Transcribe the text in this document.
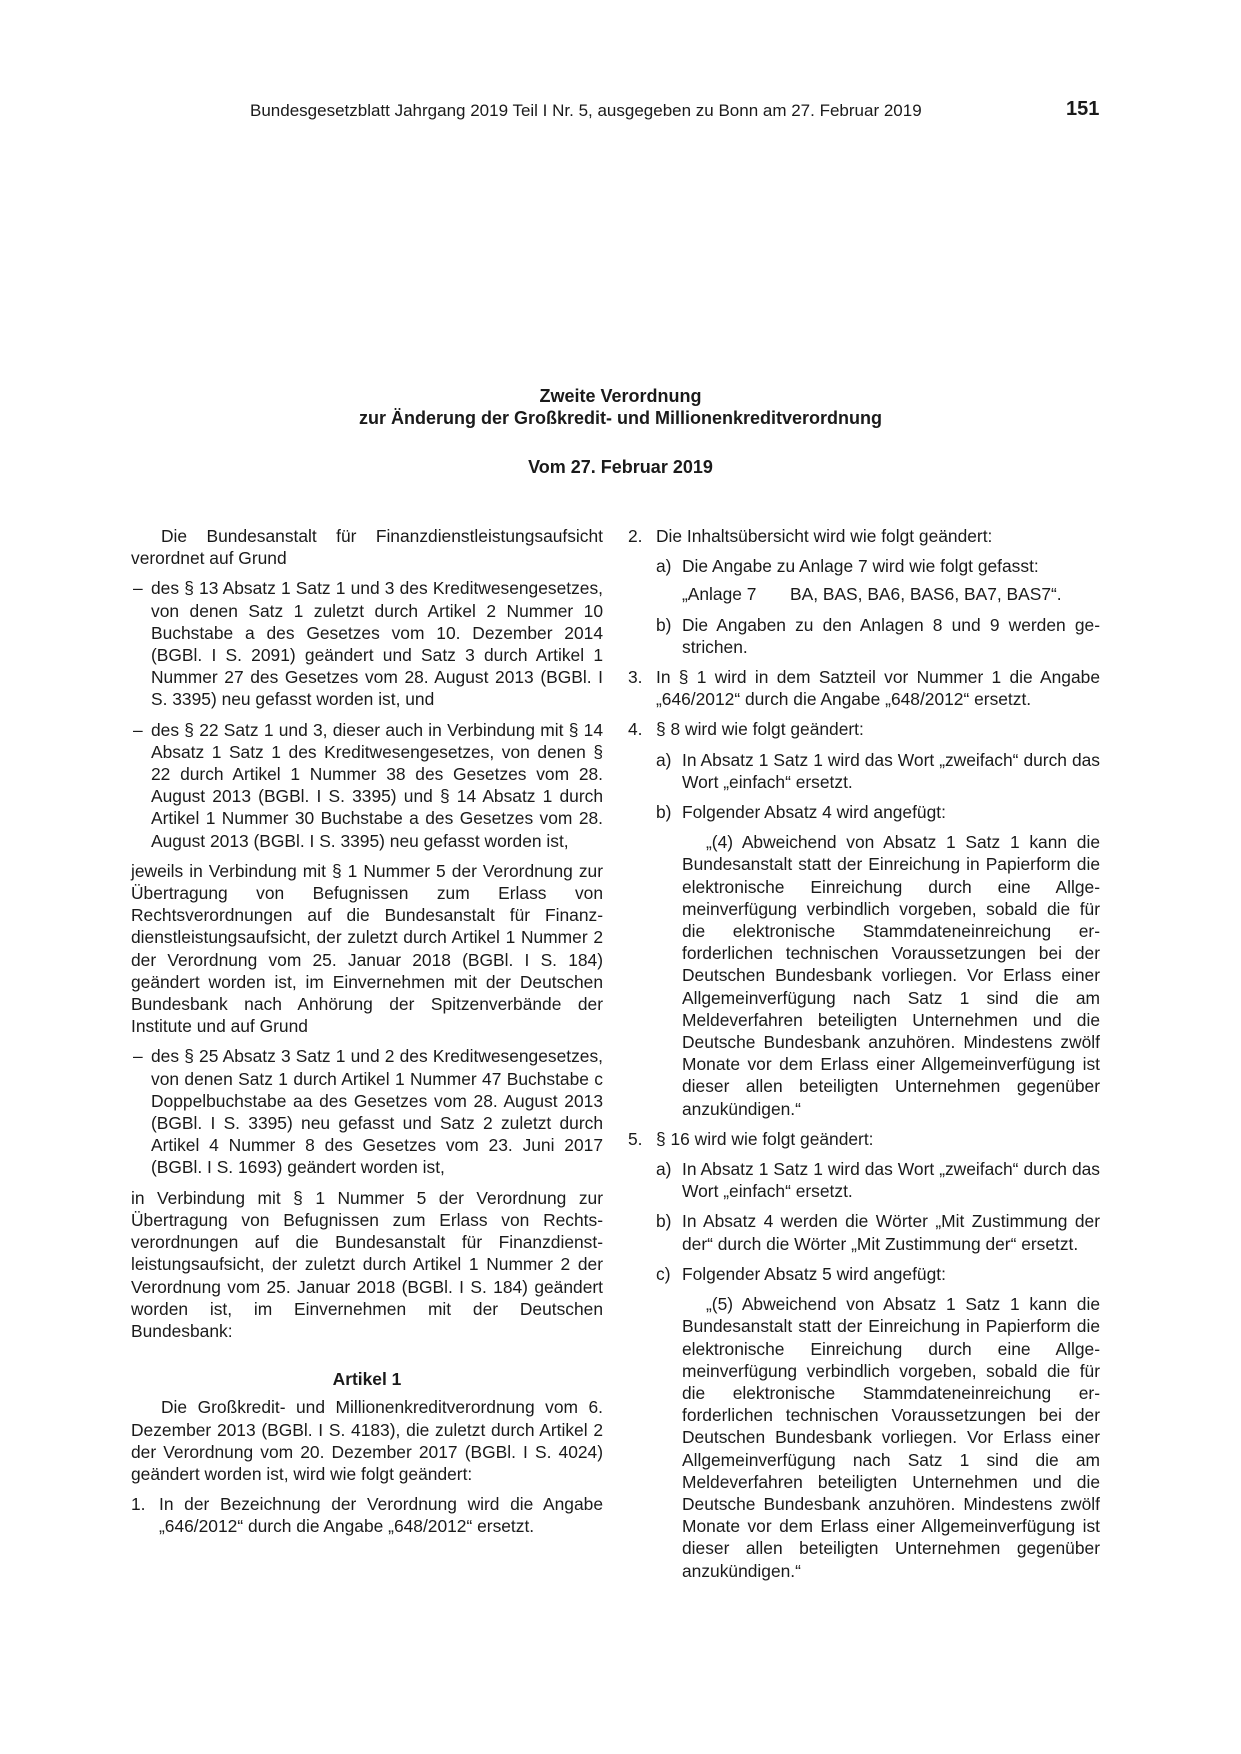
Bundesgesetzblatt Jahrgang 2019 Teil I Nr. 5, ausgegeben zu Bonn am 27. Februar 2019	151
Zweite Verordnung
zur Änderung der Großkredit- und Millionenkreditverordnung
Vom 27. Februar 2019

Die Bundesanstalt für Finanzdienstleistungsaufsicht verordnet auf Grund

– des § 13 Absatz 1 Satz 1 und 3 des Kreditwesengesetzes, von denen Satz 1 zuletzt durch Artikel 2 Nummer 10 Buchstabe a des Gesetzes vom 10. Dezember 2014 (BGBl. I S. 2091) geändert und Satz 3 durch Artikel 1 Nummer 27 des Gesetzes vom 28. August 2013 (BGBl. I S. 3395) neu gefasst worden ist, und
– des § 22 Satz 1 und 3, dieser auch in Verbindung mit § 14 Absatz 1 Satz 1 des Kreditwesengesetzes, von denen § 22 durch Artikel 1 Nummer 38 des Gesetzes vom 28. August 2013 (BGBl. I S. 3395) und § 14 Absatz 1 durch Artikel 1 Nummer 30 Buchstabe a des Gesetzes vom 28. August 2013 (BGBl. I S. 3395) neu gefasst worden ist,

jeweils in Verbindung mit § 1 Nummer 5 der Verordnung zur Übertragung von Befugnissen zum Erlass von Rechtsverordnungen auf die Bundesanstalt für Finanzdienstleistungsaufsicht, der zuletzt durch Artikel 1 Nummer 2 der Verordnung vom 25. Januar 2018 (BGBl. I S. 184) geändert worden ist, im Einvernehmen mit der Deutschen Bundesbank nach Anhörung der Spitzenverbände der Institute und auf Grund

– des § 25 Absatz 3 Satz 1 und 2 des Kreditwesengesetzes, von denen Satz 1 durch Artikel 1 Nummer 47 Buchstabe c Doppelbuchstabe aa des Gesetzes vom 28. August 2013 (BGBl. I S. 3395) neu gefasst und Satz 2 zuletzt durch Artikel 4 Nummer 8 des Gesetzes vom 23. Juni 2017 (BGBl. I S. 1693) geändert worden ist,

in Verbindung mit § 1 Nummer 5 der Verordnung zur Übertragung von Befugnissen zum Erlass von Rechtsverordnungen auf die Bundesanstalt für Finanzdienstleistungsaufsicht, der zuletzt durch Artikel 1 Nummer 2 der Verordnung vom 25. Januar 2018 (BGBl. I S. 184) geändert worden ist, im Einvernehmen mit der Deutschen Bundesbank:

Artikel 1

Die Großkredit- und Millionenkreditverordnung vom 6. Dezember 2013 (BGBl. I S. 4183), die zuletzt durch Artikel 2 der Verordnung vom 20. Dezember 2017 (BGBl. I S. 4024) geändert worden ist, wird wie folgt geändert:

1. In der Bezeichnung der Verordnung wird die Angabe „646/2012“ durch die Angabe „648/2012“ ersetzt.
2. Die Inhaltsübersicht wird wie folgt geändert:
a) Die Angabe zu Anlage 7 wird wie folgt gefasst:
„Anlage 7	BA, BAS, BA6, BAS6, BA7, BAS7“.
b) Die Angaben zu den Anlagen 8 und 9 werden gestrichen.
3. In § 1 wird in dem Satzteil vor Nummer 1 die Angabe „646/2012“ durch die Angabe „648/2012“ ersetzt.
4. § 8 wird wie folgt geändert:
a) In Absatz 1 Satz 1 wird das Wort „zweifach“ durch das Wort „einfach“ ersetzt.
b) Folgender Absatz 4 wird angefügt:

„(4) Abweichend von Absatz 1 Satz 1 kann die Bundesanstalt statt der Einreichung in Papierform die elektronische Einreichung durch eine Allgemeinverfügung verbindlich vorgeben, sobald die für die elektronische Stammdateneinreichung erforderlichen technischen Voraussetzungen bei der Deutschen Bundesbank vorliegen. Vor Erlass einer Allgemeinverfügung nach Satz 1 sind die am Meldeverfahren beteiligten Unternehmen und die Deutsche Bundesbank anzuhören. Mindestens zwölf Monate vor dem Erlass einer Allgemeinverfügung ist dieser allen beteiligten Unternehmen gegenüber anzukündigen.“

5. § 16 wird wie folgt geändert:
a) In Absatz 1 Satz 1 wird das Wort „zweifach“ durch das Wort „einfach“ ersetzt.
b) In Absatz 4 werden die Wörter „Mit Zustimmung der der“ durch die Wörter „Mit Zustimmung der“ ersetzt.
c) Folgender Absatz 5 wird angefügt:

„(5) Abweichend von Absatz 1 Satz 1 kann die Bundesanstalt statt der Einreichung in Papierform die elektronische Einreichung durch eine Allgemeinverfügung verbindlich vorgeben, sobald die für die elektronische Stammdateneinreichung erforderlichen technischen Voraussetzungen bei der Deutschen Bundesbank vorliegen. Vor Erlass einer Allgemeinverfügung nach Satz 1 sind die am Meldeverfahren beteiligten Unternehmen und die Deutsche Bundesbank anzuhören. Mindestens zwölf Monate vor dem Erlass einer Allgemeinverfügung ist dieser allen beteiligten Unternehmen gegenüber anzukündigen.“
